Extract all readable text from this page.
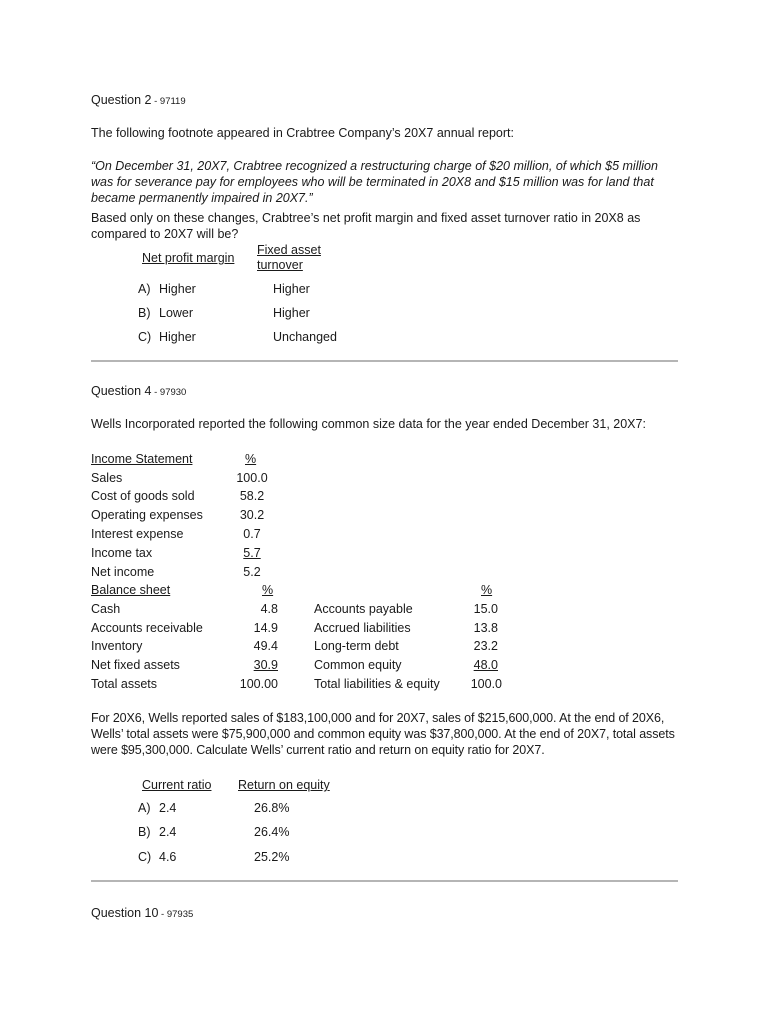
Question 2 - 97119
The following footnote appeared in Crabtree Company’s 20X7 annual report:
“On December 31, 20X7, Crabtree recognized a restructuring charge of $20 million, of which $5 million was for severance pay for employees who will be terminated in 20X8 and $15 million was for land that became permanently impaired in 20X7.”
Based only on these changes, Crabtree’s net profit margin and fixed asset turnover ratio in 20X8 as compared to 20X7 will be?
Net profit margin
Fixed asset
turnover
A) Higher	Higher
B) Lower	Higher
C) Higher	Unchanged
Question 4 - 97930
Wells Incorporated reported the following common size data for the year ended December 31, 20X7:
Income Statement	%
Sales	100.0
Cost of goods sold	58.2
Operating expenses	30.2
Interest expense	0.7
Income tax	5.7
Net income	5.2
Balance sheet	%	%
Cash	4.8	Accounts payable	15.0
Accounts receivable	14.9	Accrued liabilities	13.8
Inventory	49.4	Long-term debt	23.2
Net fixed assets	30.9	Common equity	48.0
Total assets	100.00	Total liabilities & equity	100.0
For 20X6, Wells reported sales of $183,100,000 and for 20X7, sales of $215,600,000. At the end of 20X6, Wells’ total assets were $75,900,000 and common equity was $37,800,000. At the end of 20X7, total assets were $95,300,000. Calculate Wells’ current ratio and return on equity ratio for 20X7.
Current ratio Return on equity
A) 2.4	26.8%
B) 2.4	26.4%
C) 4.6	25.2%
Question 10 - 97935
